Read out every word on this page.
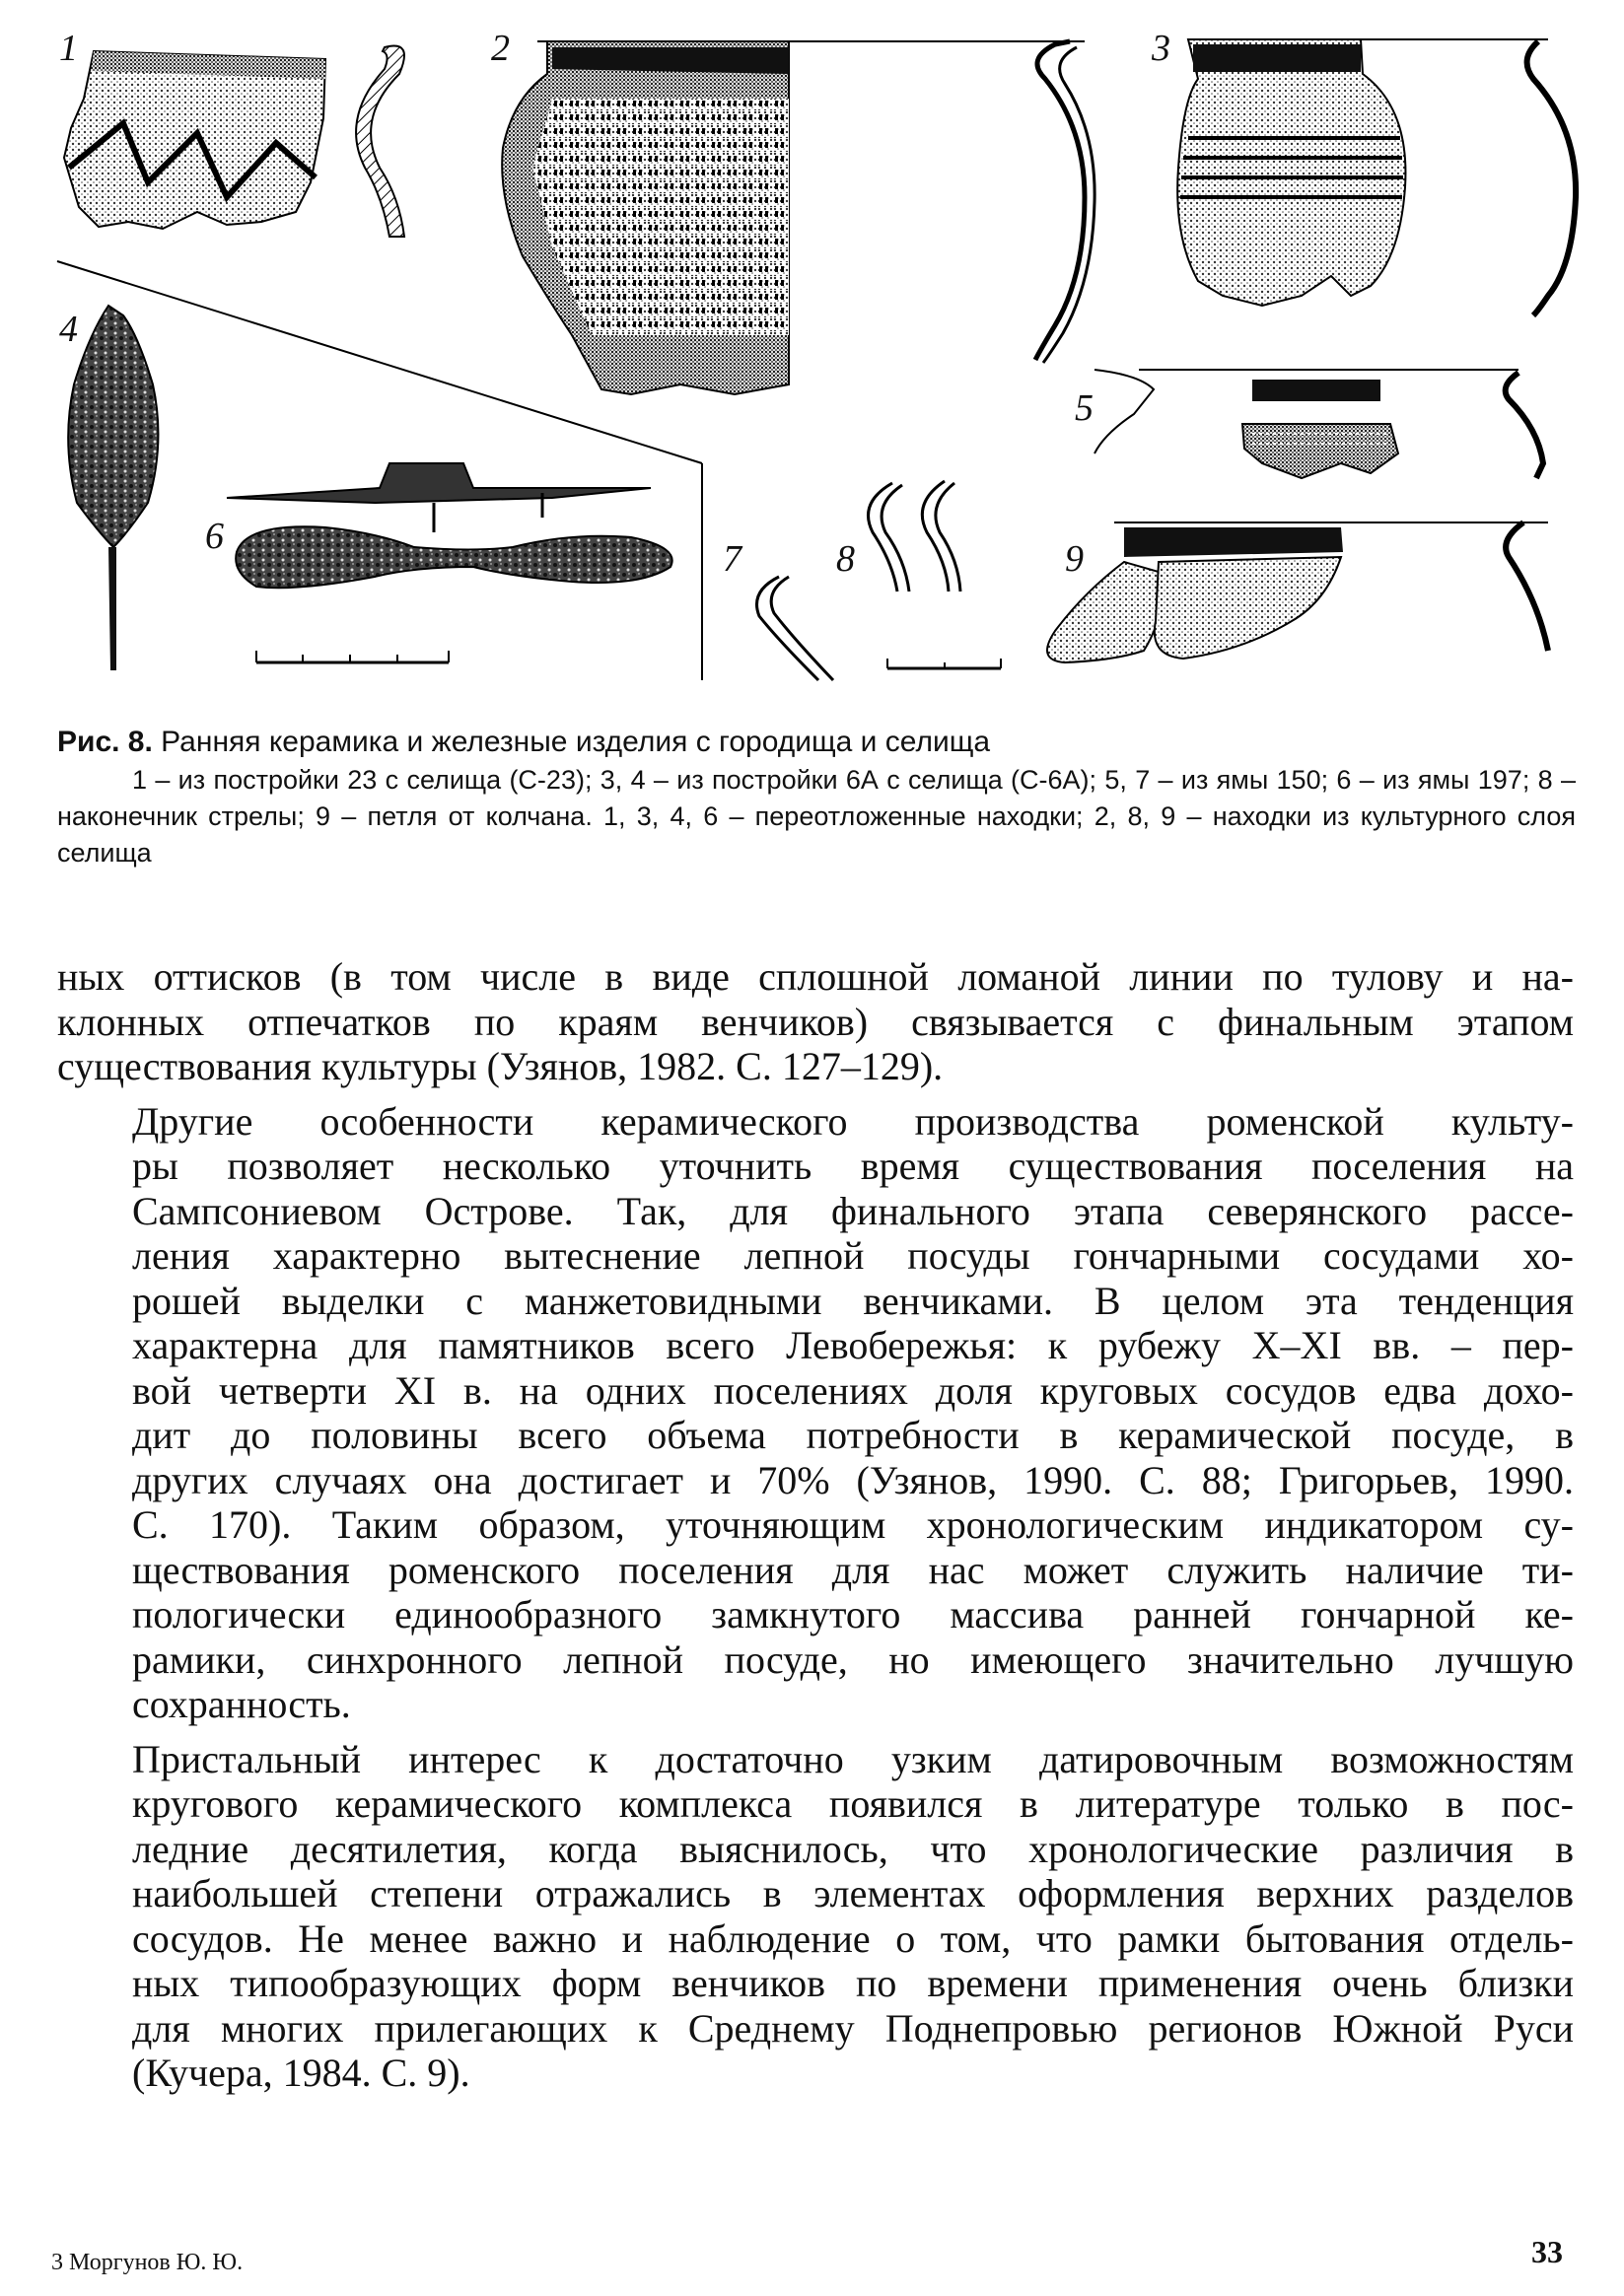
1	2	3
4
5
6
7	8	9

Рис. 8. Ранняя керамика и железные изделия с городища и селища

1 – из постройки 23 с селища (С-23); 3, 4 – из постройки 6А с селища (С-6А); 5, 7 – из ямы 150; 6 – из ямы 197; 8 – наконечник стрелы; 9 – петля от колчана. 1, 3, 4, 6 – переотложенные находки; 2, 8, 9 – находки из культурного слоя селища

ных оттисков (в том числе в виде сплошной ломаной линии по тулову и на-
клонных отпечатков по краям венчиков) связывается с финальным этапом
существования культуры (Узянов, 1982. С. 127–129).

Другие особенности керамического производства роменской культу-
ры позволяет несколько уточнить время существования поселения на
Сампсониевом Острове. Так, для финального этапа северянского рассе-
ления характерно вытеснение лепной посуды гончарными сосудами хо-
рошей выделки с манжетовидными венчиками. В целом эта тенденция
характерна для памятников всего Левобережья: к рубежу X–XI вв. – пер-
вой четверти XI в. на одних поселениях доля круговых сосудов едва дохо-
дит до половины всего объема потребности в керамической посуде, в
других случаях она достигает и 70% (Узянов, 1990. С. 88; Григорьев, 1990.
С. 170). Таким образом, уточняющим хронологическим индикатором су-
ществования роменского поселения для нас может служить наличие ти-
пологически единообразного замкнутого массива ранней гончарной ке-
рамики, синхронного лепной посуде, но имеющего значительно лучшую
сохранность.

Пристальный интерес к достаточно узким датировочным возможностям
кругового керамического комплекса появился в литературе только в пос-
ледние десятилетия, когда выяснилось, что хронологические различия в
наибольшей степени отражались в элементах оформления верхних разделов
сосудов. Не менее важно и наблюдение о том, что рамки бытования отдель-
ных типообразующих форм венчиков по времени применения очень близки
для многих прилегающих к Среднему Поднепровью регионов Южной Руси
(Кучера, 1984. С. 9).

3 Моргунов Ю. Ю.	33
